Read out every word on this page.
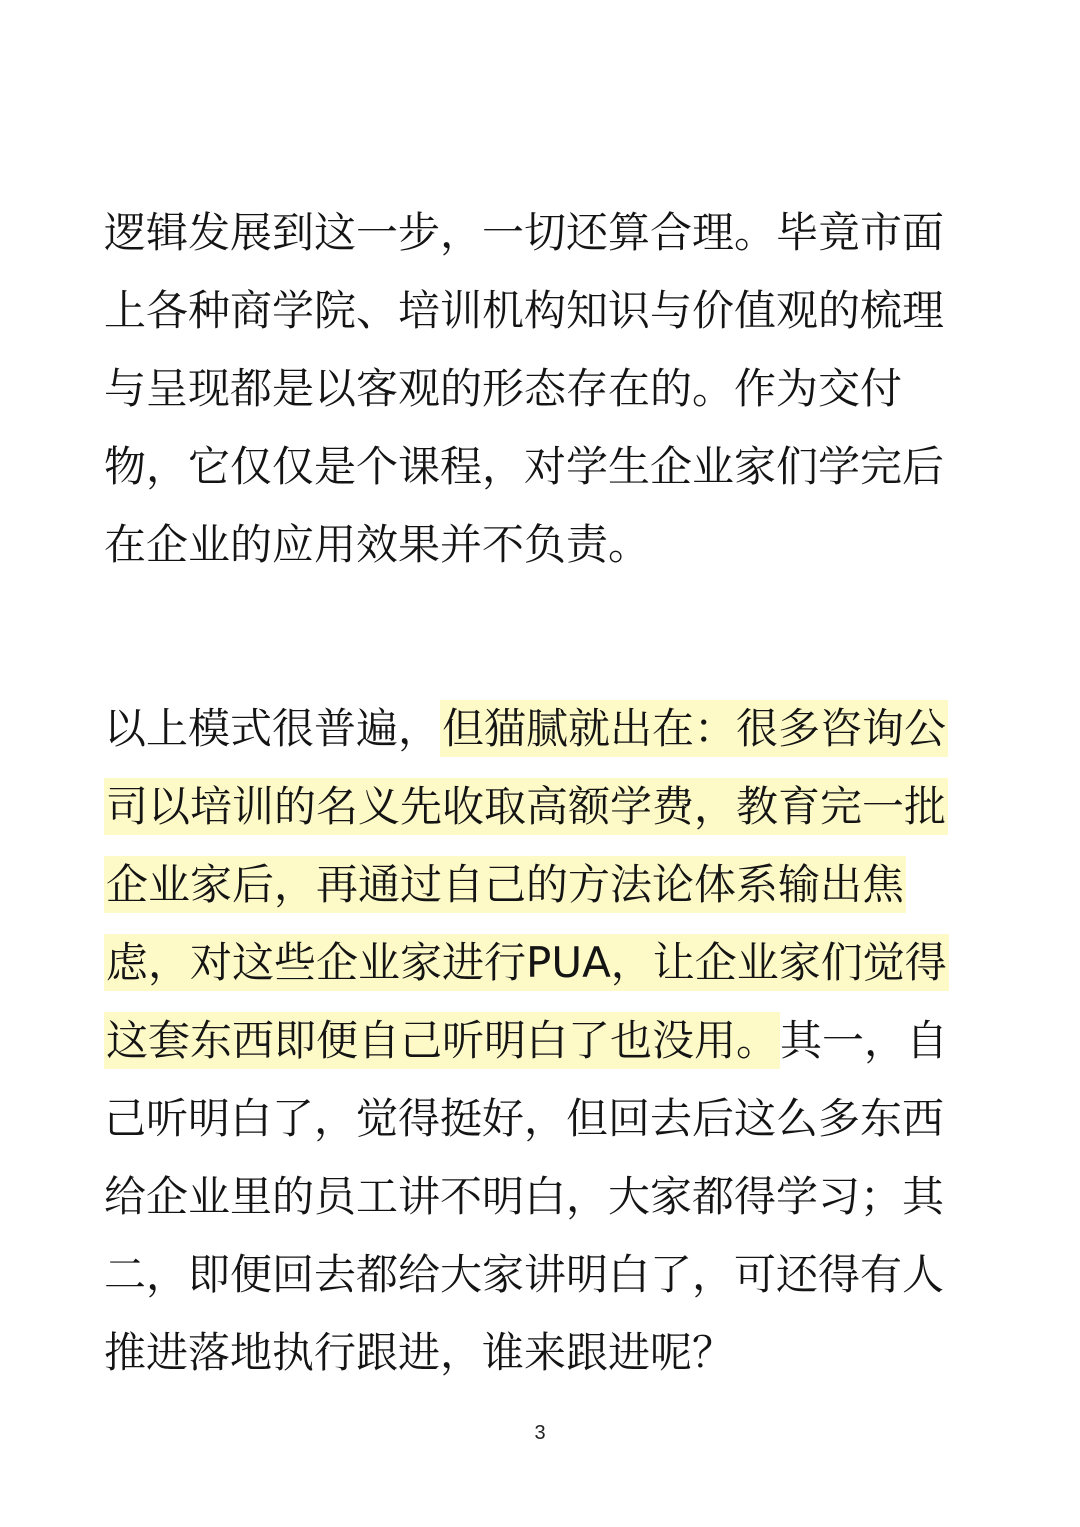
逻辑发展到这一步，一切还算合理。毕竟市面
上各种商学院、培训机构知识与价值观的梳理
与呈现都是以客观的形态存在的。作为交付
物，它仅仅是个课程，对学生企业家们学完后
在企业的应用效果并不负责。
以上模式很普遍，但猫腻就出在：很多咨询公
司以培训的名义先收取高额学费，教育完一批
企业家后，再通过自己的方法论体系输出焦
虑，对这些企业家进行PUA，让企业家们觉得
这套东西即便自己听明白了也没用。其一，自
己听明白了，觉得挺好，但回去后这么多东西
给企业里的员工讲不明白，大家都得学习；其
二，即便回去都给大家讲明白了，可还得有人
推进落地执行跟进，谁来跟进呢？
3
